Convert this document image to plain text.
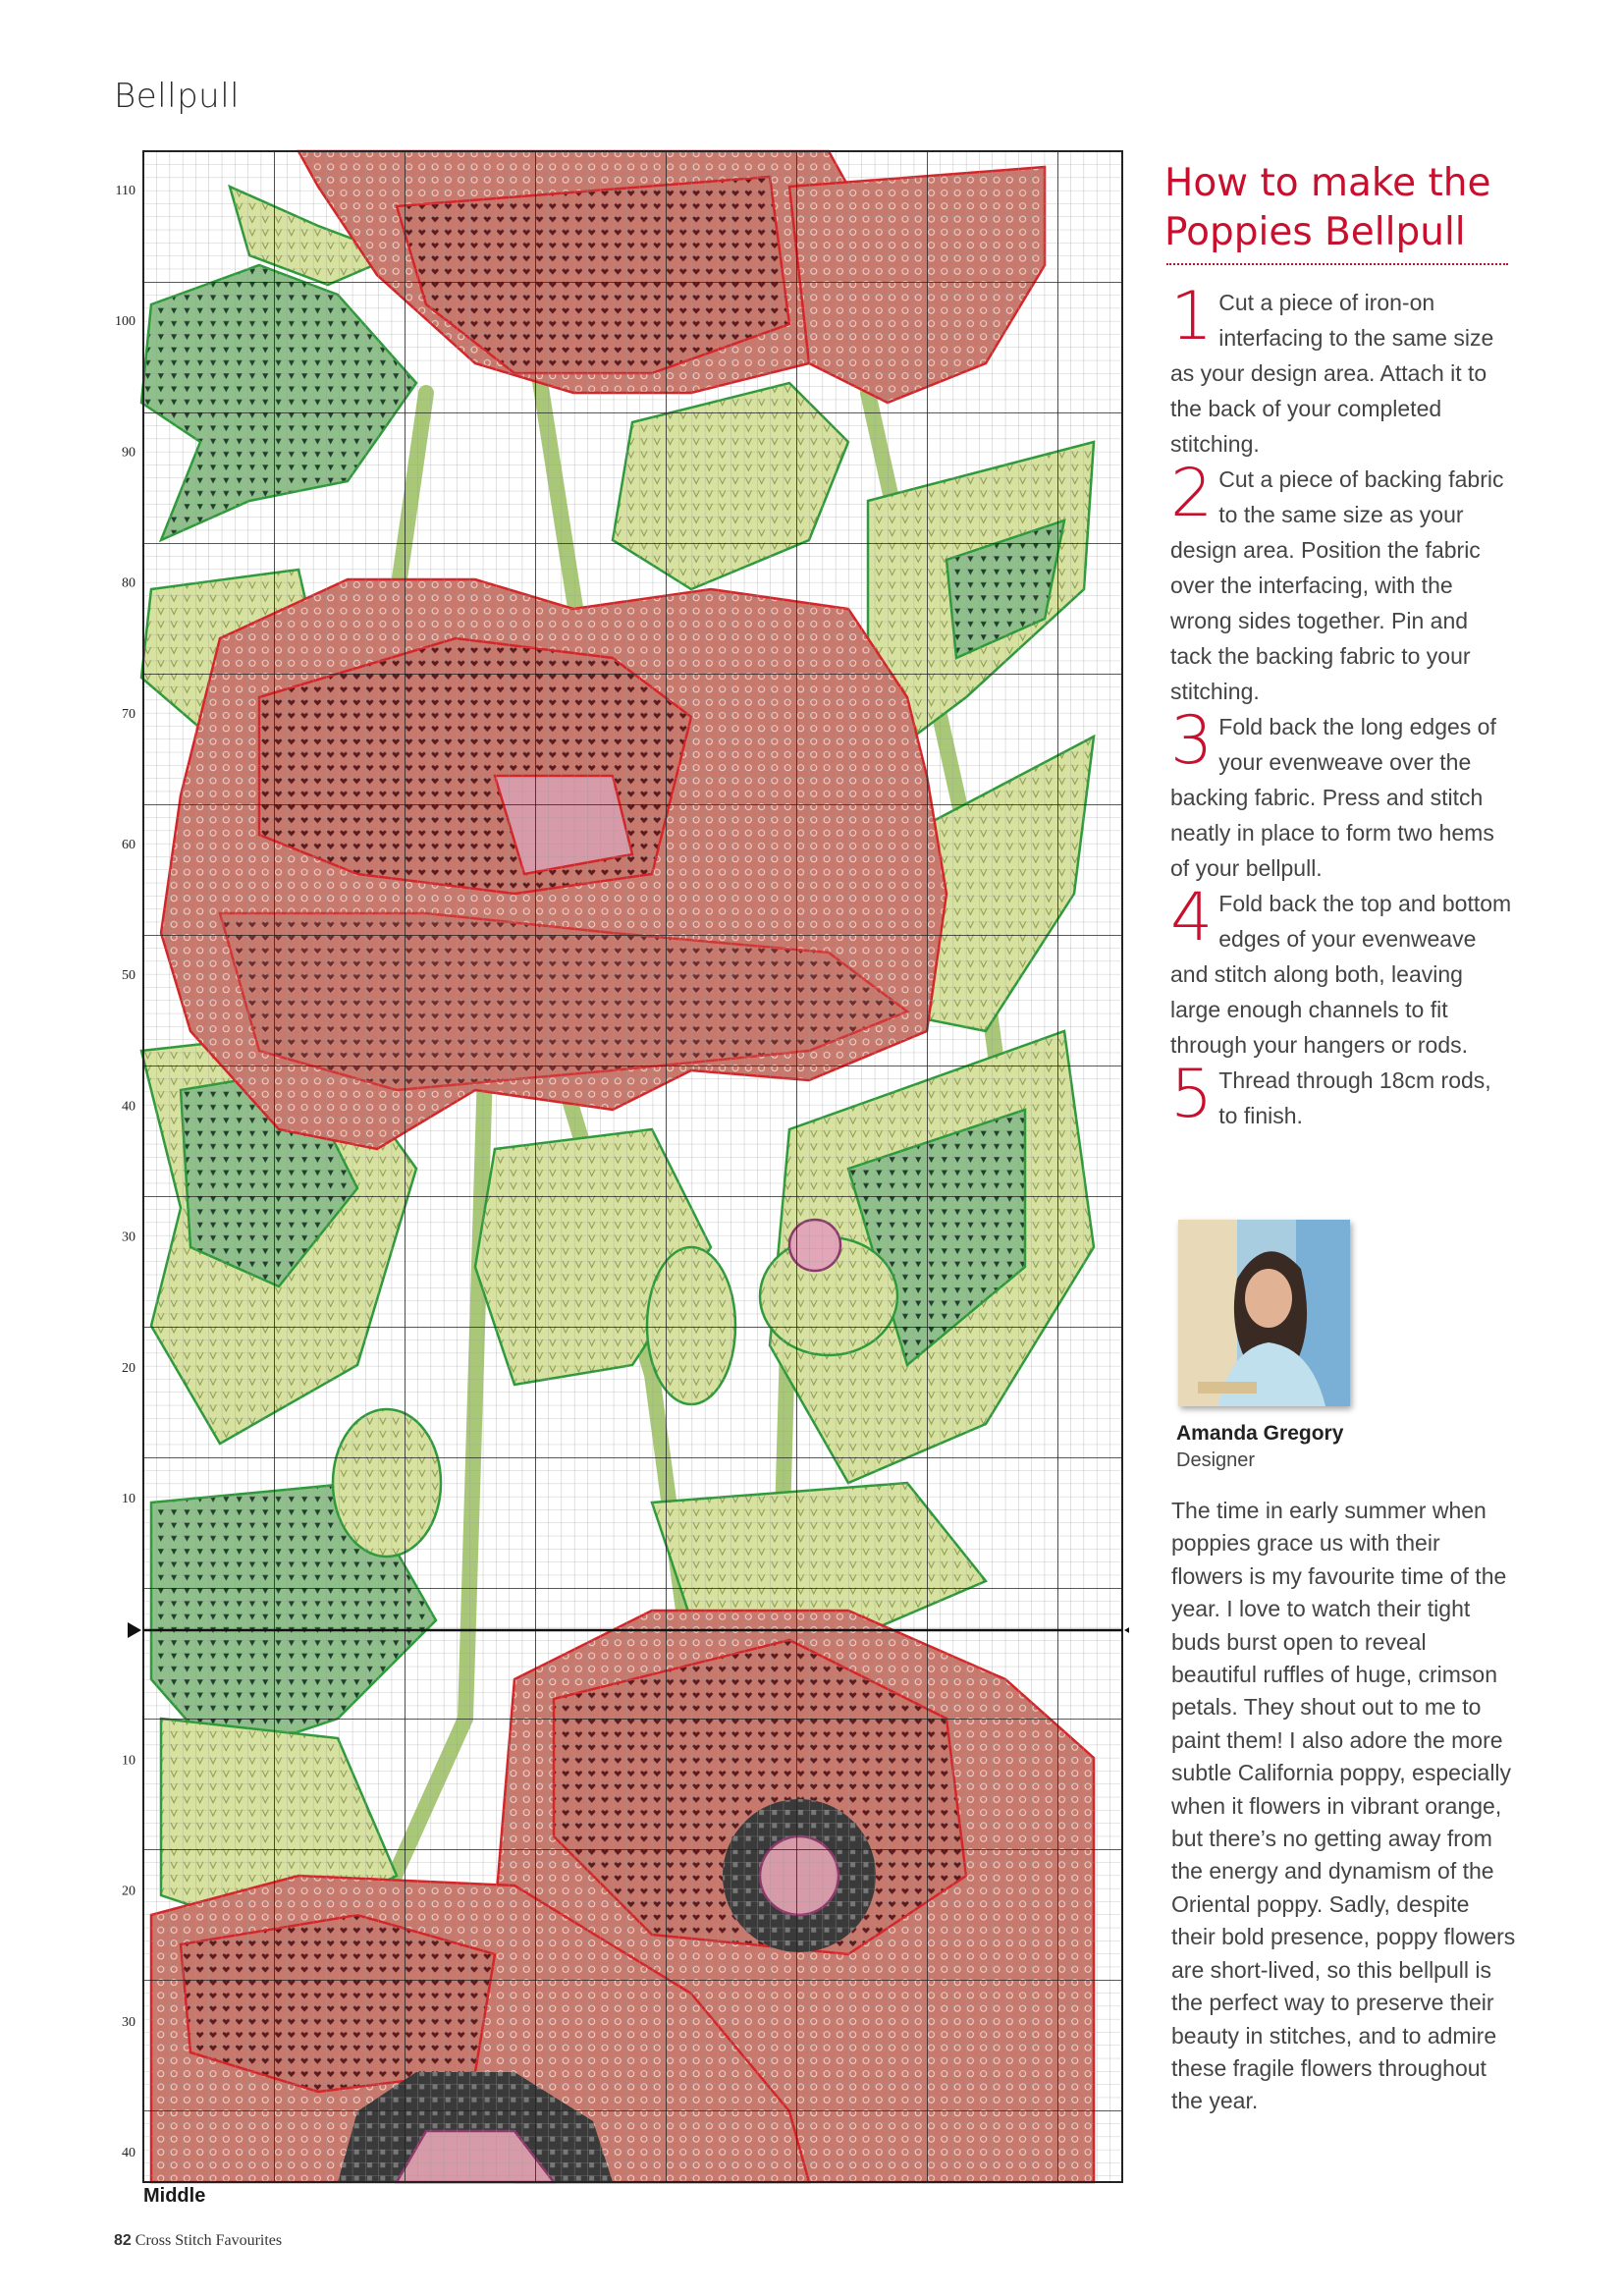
Bellpull
110
100
90
80
70
60
50
40
30
20
10
10
20
30
40
Middle
82 Cross Stitch Favourites
How to make the
Poppies Bellpull

1 Cut a piece of iron-on interfacing to the same size as your design area. Attach it to the back of your completed stitching.

2 Cut a piece of backing fabric to the same size as your design area. Position the fabric over the interfacing, with the wrong sides together. Pin and tack the backing fabric to your stitching.

3 Fold back the long edges of your evenweave over the backing fabric. Press and stitch neatly in place to form two hems of your bellpull.

4 Fold back the top and bottom edges of your evenweave and stitch along both, leaving large enough channels to fit through your hangers or rods.

5 Thread through 18cm rods, to finish.

Amanda Gregory
Designer
The time in early summer when poppies grace us with their flowers is my favourite time of the year. I love to watch their tight buds burst open to reveal beautiful ruffles of huge, crimson petals. They shout out to me to paint them! I also adore the more subtle California poppy, especially when it flowers in vibrant orange, but there’s no getting away from the energy and dynamism of the Oriental poppy. Sadly, despite their bold presence, poppy flowers are short-lived, so this bellpull is the perfect way to preserve their beauty in stitches, and to admire these fragile flowers throughout the year.
